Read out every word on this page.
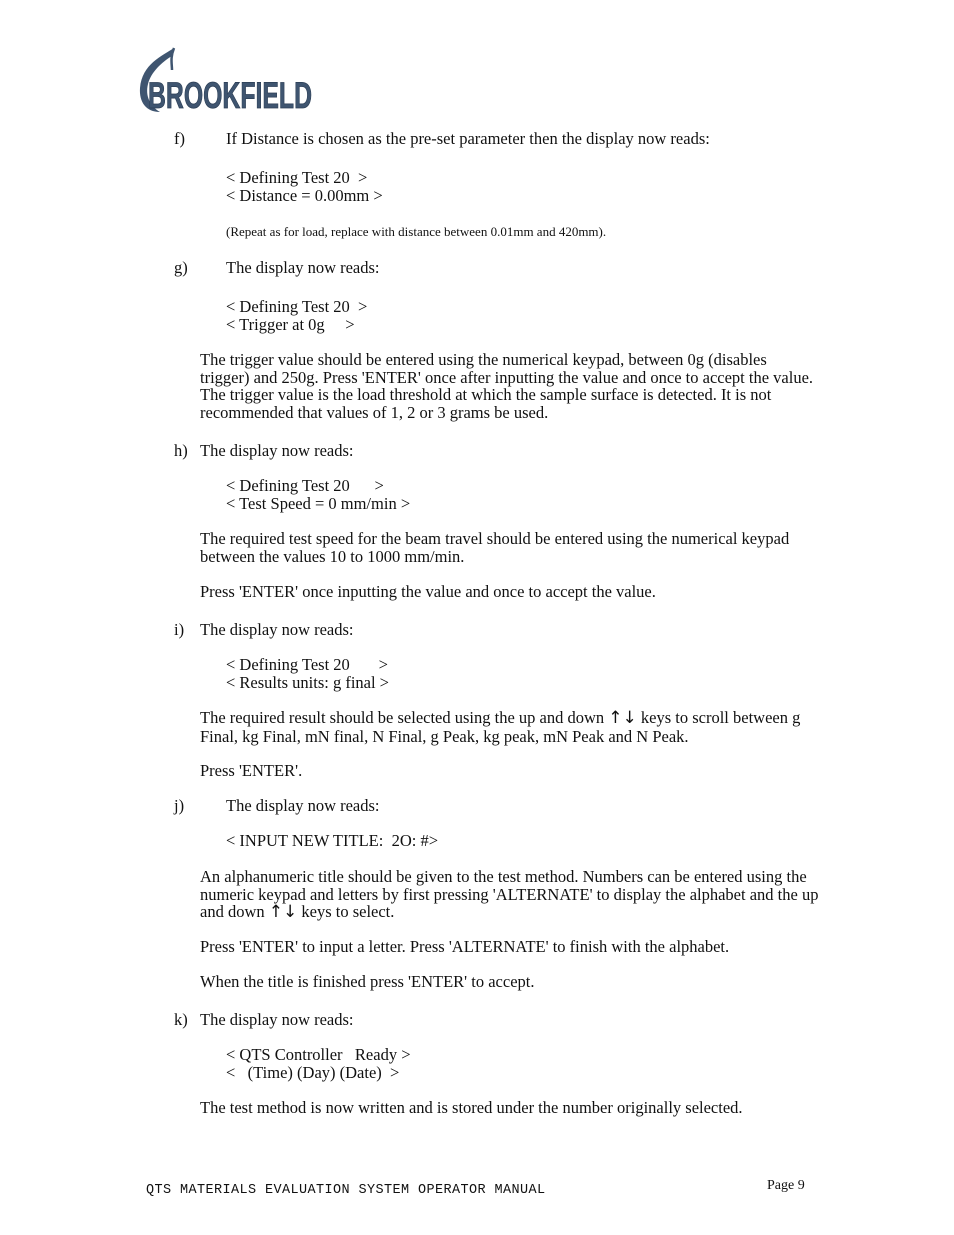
BROOKFIELD
f) If Distance is chosen as the pre-set parameter then the display now reads:
< Defining Test 20  >
< Distance = 0.00mm >
(Repeat as for load, replace with distance between 0.01mm and 420mm).
g) The display now reads:
< Defining Test 20  >
< Trigger at 0g     >
The trigger value should be entered using the numerical keypad, between 0g (disables trigger) and 250g. Press 'ENTER' once after inputting the value and once to accept the value. The trigger value is the load threshold at which the sample surface is detected. It is not recommended that values of 1, 2 or 3 grams be used.
h) The display now reads:
< Defining Test 20      >
< Test Speed = 0 mm/min >
The required test speed for the beam travel should be entered using the numerical keypad between the values 10 to 1000 mm/min.
Press 'ENTER' once inputting the value and once to accept the value.
i) The display now reads:
< Defining Test 20       >
< Results units: g final >
The required result should be selected using the up and down ↑↓ keys to scroll between g Final, kg Final, mN final, N Final, g Peak, kg peak, mN Peak and N Peak.
Press 'ENTER'.
j)	The display now reads:
< INPUT NEW TITLE:  2O: #>
An alphanumeric title should be given to the test method. Numbers can be entered using the numeric keypad and letters by first pressing 'ALTERNATE' to display the alphabet and the up and down ↑↓ keys to select.
Press 'ENTER' to input a letter. Press 'ALTERNATE' to finish with the alphabet.
When the title is finished press 'ENTER' to accept.
k) The display now reads:
< QTS Controller   Ready >
<   (Time) (Day) (Date)  >
The test method is now written and is stored under the number originally selected.
QTS MATERIALS EVALUATION SYSTEM OPERATOR MANUAL	Page 9
